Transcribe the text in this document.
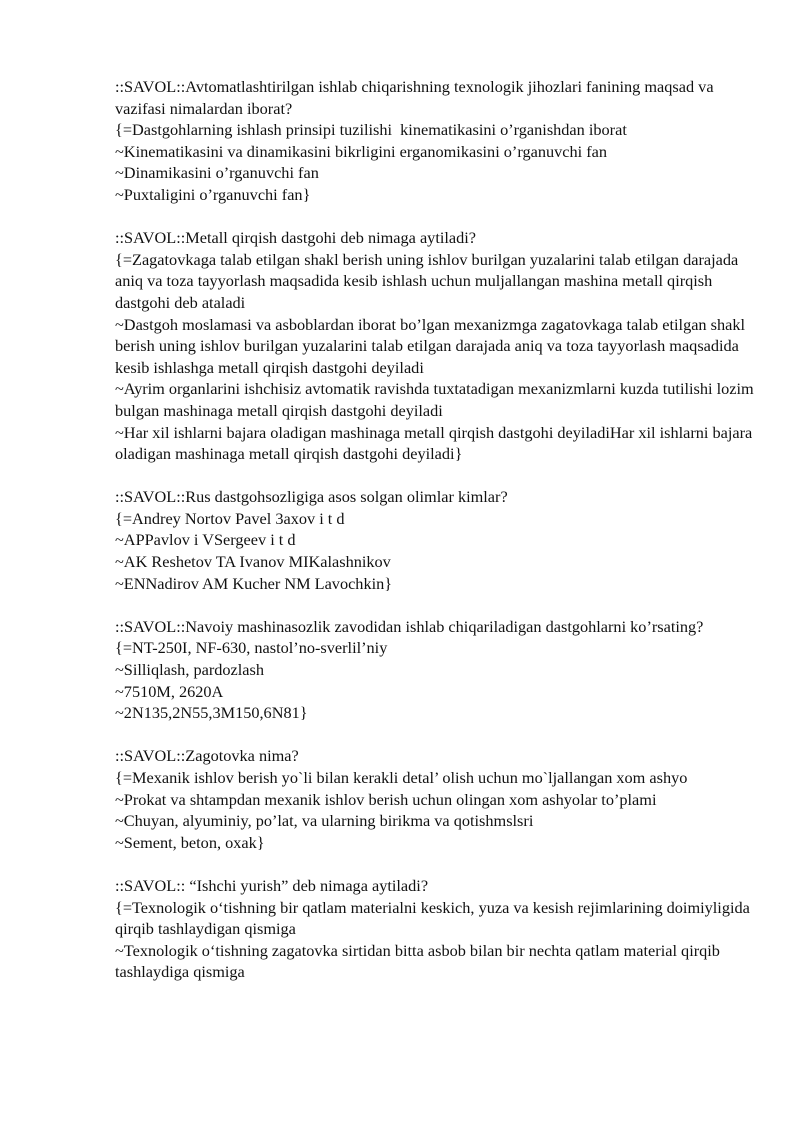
::SAVOL::Avtomatlashtirilgan ishlab chiqarishning texnologik jihozlari fanining maqsad va vazifasi nimalardan iborat?
{=Dastgohlarning ishlash prinsipi tuzilishi  kinematikasini o’rganishdan iborat
~Kinematikasini va dinamikasini bikrligini erganomikasini o’rganuvchi fan
~Dinamikasini o’rganuvchi fan
~Puxtaligini o’rganuvchi fan}
::SAVOL::Metall qirqish dastgohi deb nimaga aytiladi?
{=Zagatovkaga talab etilgan shakl berish uning ishlov burilgan yuzalarini talab etilgan darajada aniq va toza tayyorlash maqsadida kesib ishlash uchun muljallangan mashina metall qirqish dastgohi deb ataladi
~Dastgoh moslamasi va asboblardan iborat bo’lgan mexanizmga zagatovkaga talab etilgan shakl berish uning ishlov burilgan yuzalarini talab etilgan darajada aniq va toza tayyorlash maqsadida kesib ishlashga metall qirqish dastgohi deyiladi
~Ayrim organlarini ishchisiz avtomatik ravishda tuxtatadigan mexanizmlarni kuzda tutilishi lozim bulgan mashinaga metall qirqish dastgohi deyiladi
~Har xil ishlarni bajara oladigan mashinaga metall qirqish dastgohi deyiladiHar xil ishlarni bajara oladigan mashinaga metall qirqish dastgohi deyiladi}
::SAVOL::Rus dastgohsozligiga asos solgan olimlar kimlar?
{=Andrey Nortov Pavel 3axov i t d
~APPavlov i VSergeev i t d
~AK Reshetov TA Ivanov MIKalashnikov
~ENNadirov AM Kucher NM Lavochkin}
::SAVOL::Navoiy mashinasozlik zavodidan ishlab chiqariladigan dastgohlarni ko’rsating?
{=NT-250I, NF-630, nastol’no-sverlil’niy
~Silliqlash, pardozlash
~7510M, 2620A
~2N135,2N55,3M150,6N81}
::SAVOL::Zagotovka nima?
{=Mexanik ishlov berish yo`li bilan kerakli detal’ olish uchun mo`ljallangan xom ashyo
~Prokat va shtampdan mexanik ishlov berish uchun olingan xom ashyolar to’plami
~Chuyan, alyuminiy, po’lat, va ularning birikma va qotishmslsri
~Sement, beton, oxak}
::SAVOL:: “Ishchi yurish” deb nimaga aytiladi?
{=Texnologik o‘tishning bir qatlam materialni keskich, yuza va kesish rejimlarining doimiyligida qirqib tashlaydigan qismiga
~Texnologik o‘tishning zagatovka sirtidan bitta asbob bilan bir nechta qatlam material qirqib tashlaydiga qismiga
